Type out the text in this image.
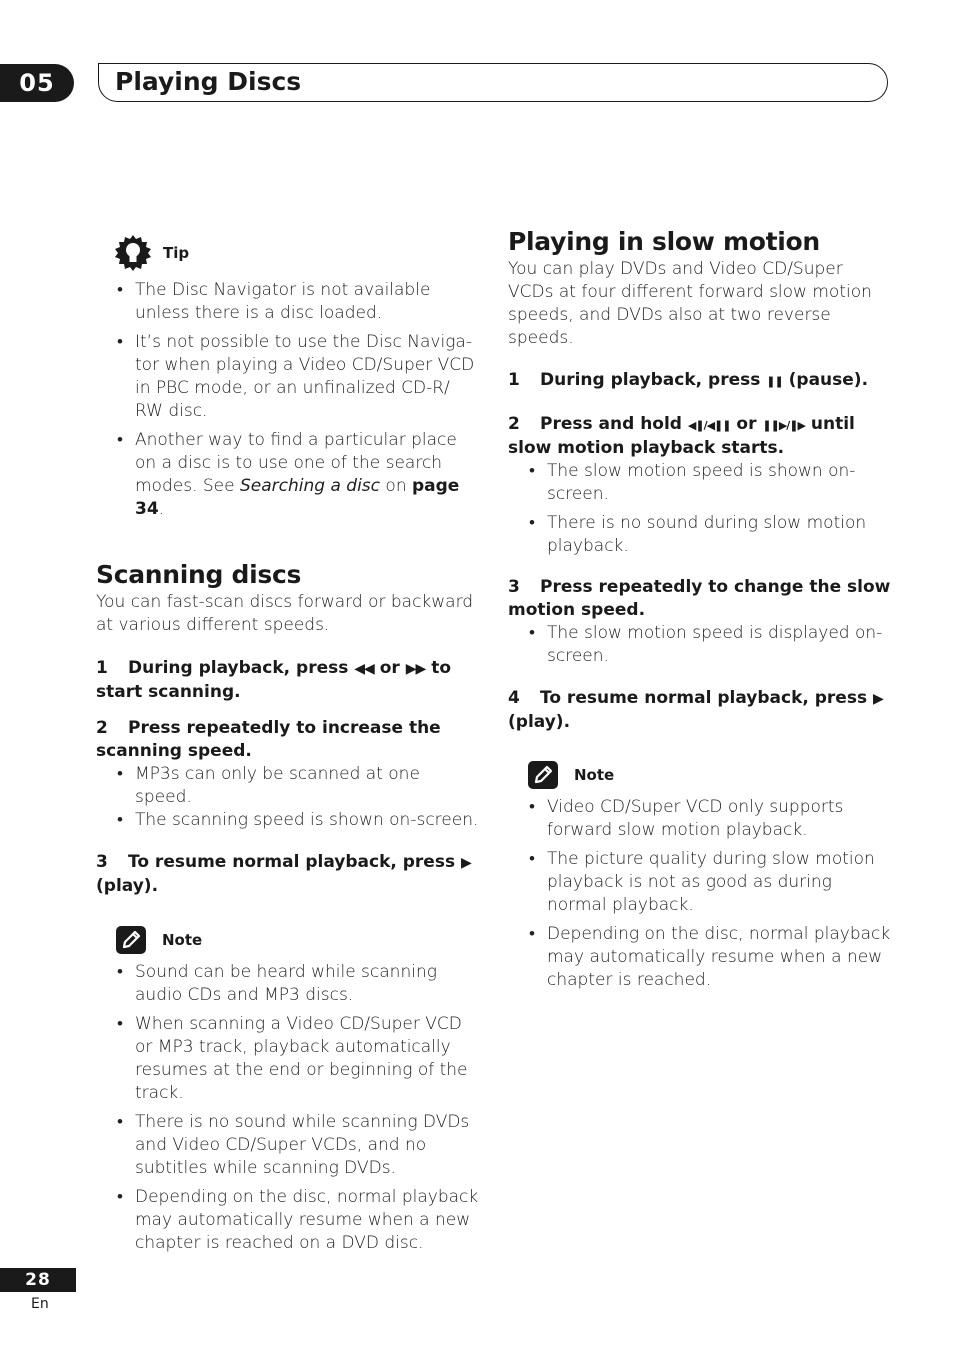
05 Playing Discs
Tip
• The Disc Navigator is not available unless there is a disc loaded.
• It’s not possible to use the Disc Naviga-tor when playing a Video CD/Super VCD in PBC mode, or an unfinalized CD-R/ RW disc.
• Another way to find a particular place on a disc is to use one of the search modes. See Searching a disc on page 34.
Scanning discs

You can fast-scan discs forward or backward at various different speeds.

1 During playback, press ◀◀ or ▶▶ to start scanning.

2 Press repeatedly to increase the scanning speed.

• MP3s can only be scanned at one speed.
• The scanning speed is shown on-screen.

3 To resume normal playback, press ▶ (play).

Note
• Sound can be heard while scanning audio CDs and MP3 discs.
• When scanning a Video CD/Super VCD or MP3 track, playback automatically resumes at the end or beginning of the track.
• There is no sound while scanning DVDs and Video CD/Super VCDs, and no subtitles while scanning DVDs.
• Depending on the disc, normal playback may automatically resume when a new chapter is reached on a DVD disc.
Playing in slow motion

You can play DVDs and Video CD/Super VCDs at four different forward slow motion speeds, and DVDs also at two reverse speeds.

1 During playback, press ❚❚ (pause).

2 Press and hold ◀❚/◀❚❚ or ❚❚▶/❚▶ until slow motion playback starts.

• The slow motion speed is shown on-screen.
• There is no sound during slow motion playback.

3 Press repeatedly to change the slow motion speed.

• The slow motion speed is displayed on-screen.

4 To resume normal playback, press ▶ (play).

Note
• Video CD/Super VCD only supports forward slow motion playback.
• The picture quality during slow motion playback is not as good as during normal playback.
• Depending on the disc, normal playback may automatically resume when a new chapter is reached.
28
En
